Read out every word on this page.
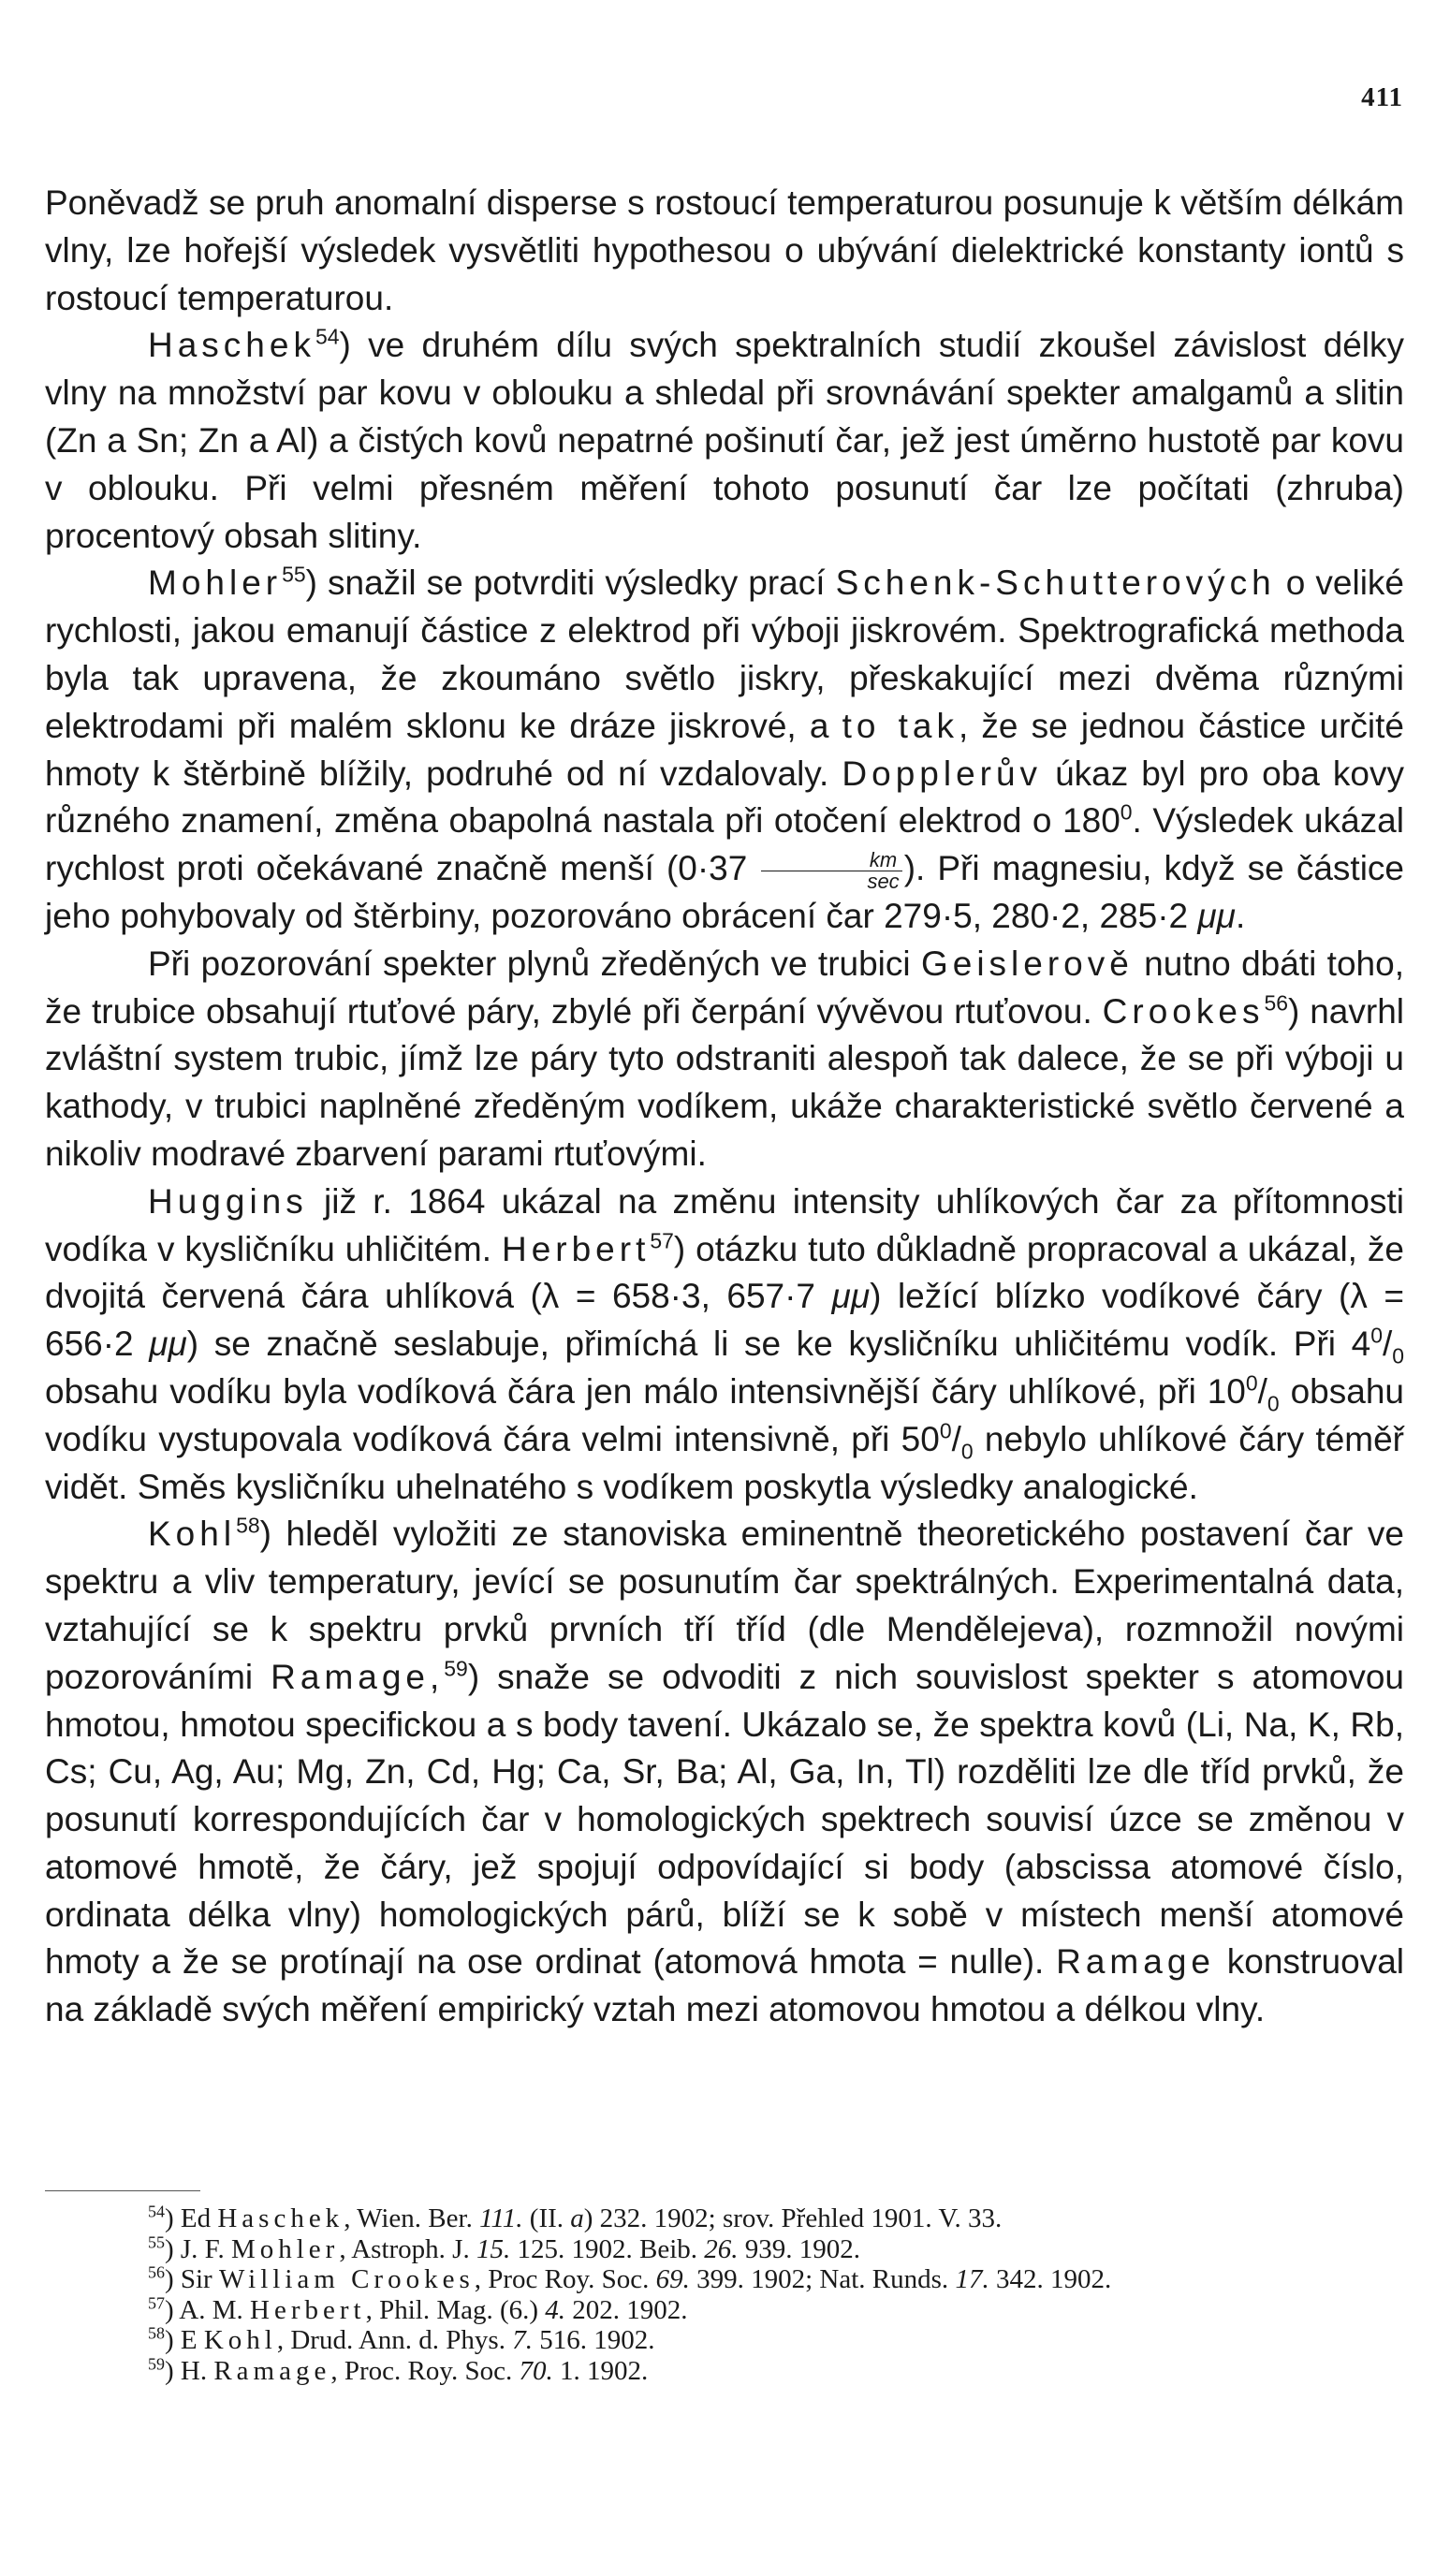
411

Poněvadž se pruh anomalní disperse s rostoucí temperaturou posunuje k větším délkám vlny, lze hořejší výsledek vysvětliti hypothesou o ubývání dielektrické konstanty iontů s rostoucí temperaturou.

Haschek$^{54}$) ve druhém dílu svých spektralních studií zkoušel závislost délky vlny na množství par kovu v oblouku a shledal při srovnávání spekter amalgamů a slitin (Zn a Sn; Zn a Al) a čistých kovů nepatrné pošinutí čar, jež jest úměrno hustotě par kovu v oblouku. Při velmi přesném měření tohoto posunutí čar lze počítati (zhruba) procentový obsah slitiny.

Mohler$^{55}$) snažil se potvrditi výsledky prací Schenk-Schutterových o veliké rychlosti, jakou emanují částice z elektrod při výboji jiskrovém. Spektrografická methoda byla tak upravena, že zkoumáno světlo jiskry, přeskakující mezi dvěma různými elektrodami při malém sklonu ke dráze jiskrové, a to tak, že se jednou částice určité hmoty k štěrbině blížily, podruhé od ní vzdalovaly. Dopplerův úkaz byl pro oba kovy různého znamení, změna obapolná nastala při otočení elektrod o $180^0$. Výsledek ukázal rychlost proti očekávané značně menší ($0\cdot 37 \frac{km}{\sec}$ ). Při magnesiu, když se částice jeho pohybovaly od štěrbiny, pozorováno obrácení čar 279·5, 280·2, 285·2 μμ.

Při pozorování spekter plynů zředěných ve trubici Geislerově nutno dbáti toho, že trubice obsahují rtuťové páry, zbylé při čerpání vývěvou rtuťovou. Crookes$^{56}$) navrhl zvláštní system trubic, jímž lze páry tyto odstraniti alespoň tak dalece, že se při výboji u kathody, v trubici naplněné zředěným vodíkem, ukáže charakteristické světlo červené a nikoliv modravé zbarvení parami rtuťovými.

Huggins již r. 1864 ukázal na změnu intensity uhlíkových čar za přítomnosti vodíka v kysličníku uhličitém. Herbert$^{57}$) otázku tuto důkladně propracoval a ukázal, že dvojitá červená čára uhlíková (λ = 658·3, 657·7 μμ) ležící blízko vodíkové čáry (λ = 656·2 μμ) se značně seslabuje, přimíchá li se ke kysličníku uhličitému vodík. Při $4^0/_0$ obsahu vodíku byla vodíková čára jen málo intensivnější čáry uhlíkové, při $10^0/_0$ obsahu vodíku vystupovala vodíková čára velmi intensivně, při $50^0/_0$ nebylo uhlíkové čáry téměř vidět. Směs kysličníku uhelnatého s vodíkem poskytla výsledky analogické.

Kohl$^{58}$) hleděl vyložiti ze stanoviska eminentně theoretického postavení čar ve spektru a vliv temperatury, jevící se posunutím čar spektrálných. Experimentalná data, vztahující se k spektru prvků prvních tří tříd (dle Mendělejeva), rozmnožil novými pozorováními Ramage,$^{59}$) snaže se odvoditi z nich souvislost spekter s atomovou hmotou, hmotou specifickou a s body tavení. Ukázalo se, že spektra kovů (Li, Na, K, Rb, Cs; Cu, Ag, Au; Mg, Zn, Cd, Hg; Ca, Sr, Ba; Al, Ga, In, Tl) rozděliti lze dle tříd prvků, že posunutí korrespondujících čar v homologických spektrech souvisí úzce se změnou v atomové hmotě, že čáry, jež spojují odpovídající si body (abscissa atomové číslo, ordinata délka vlny) homologických párů, blíží se k sobě v místech menší atomové hmoty a že se protínají na ose ordinat (atomová hmota = nulle). Ramage konstruoval na základě svých měření empirický vztah mezi atomovou hmotou a délkou vlny.

$^{54}$) Ed Haschek, Wien. Ber. 111. (II. a) 232. 1902; srov. Přehled 1901. V. 33.

$^{55}$) J. F. Mohler, Astroph. J. 15. 125. 1902. Beib. 26. 939. 1902.

$^{56}$) Sir William Crookes, Proc Roy. Soc. 69. 399. 1902; Nat. Runds. 17. 342. 1902.

$^{57}$) A. M. Herbert, Phil. Mag. (6.) 4. 202. 1902.

$^{58}$) E Kohl, Drud. Ann. d. Phys. 7. 516. 1902.

$^{59}$) H. Ramage, Proc. Roy. Soc. 70. 1. 1902.
